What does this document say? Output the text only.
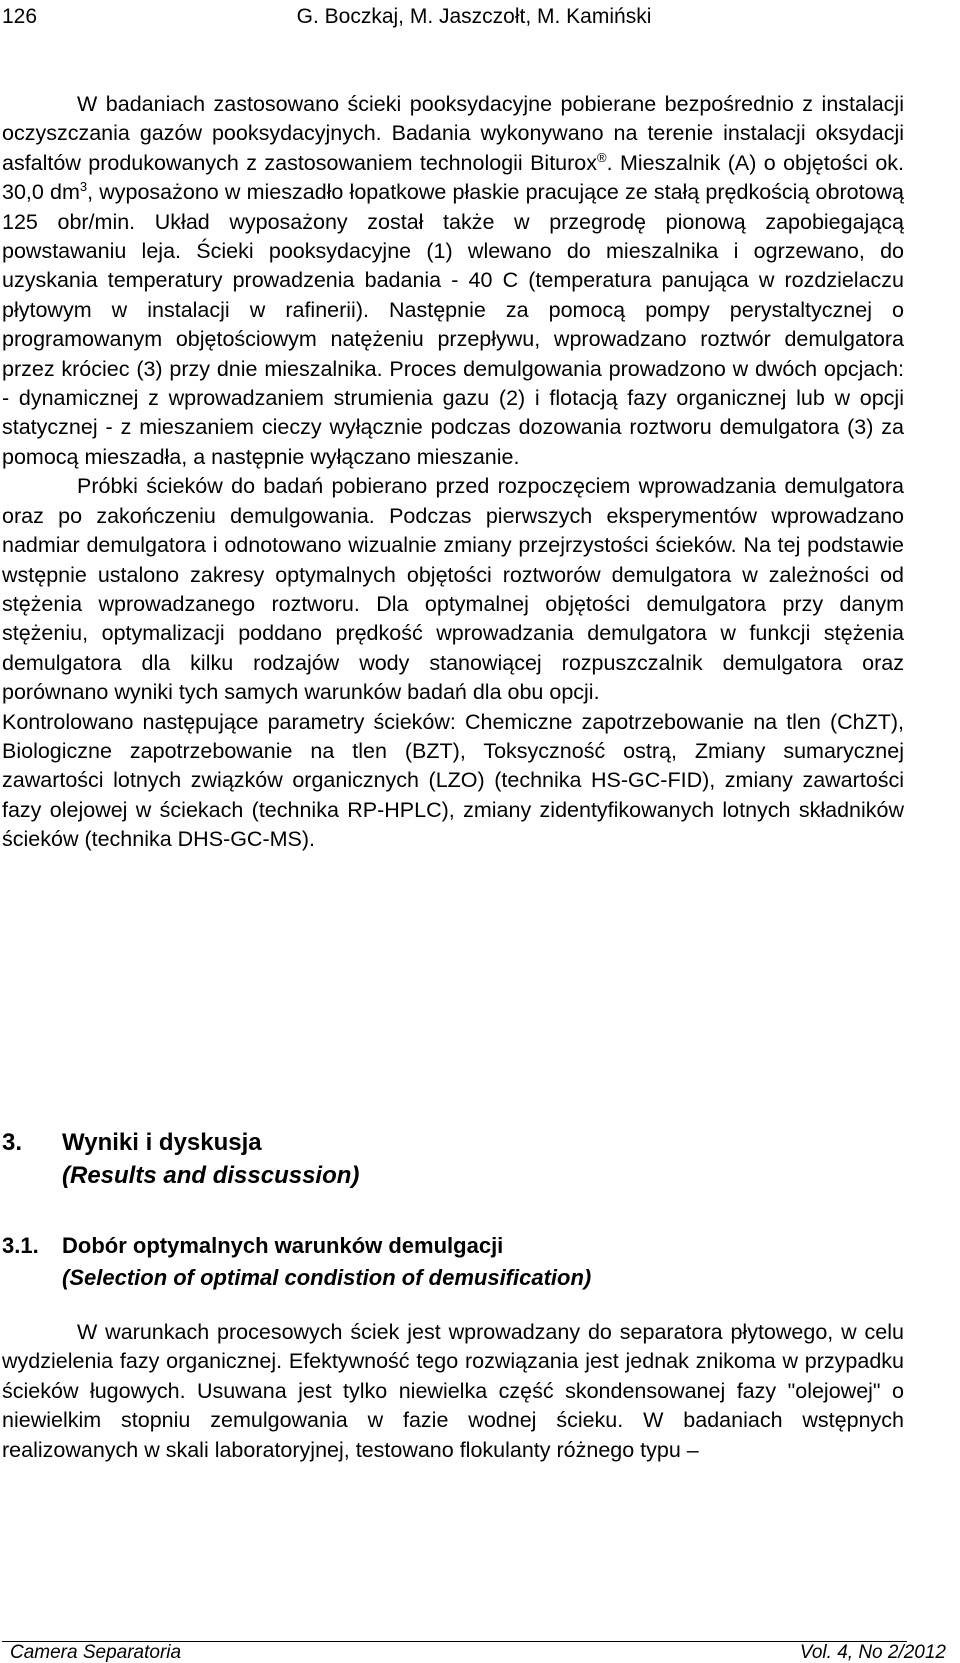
126	G. Boczkaj, M. Jaszczołt, M. Kamiński

W badaniach zastosowano ścieki pooksydacyjne pobierane bezpośrednio z instalacji oczyszczania gazów pooksydacyjnych. Badania wykonywano na terenie instalacji oksydacji asfaltów produkowanych z zastosowaniem technologii Biturox®. Mieszalnik (A) o objętości ok. 30,0 $dm^3$, wyposażono w mieszadło łopatkowe płaskie pracujące ze stałą prędkością obrotową 125 obr/min. Układ wyposażony został także w przegrodę pionową zapobiegającą powstawaniu leja. Ścieki pooksydacyjne (1) wlewano do mieszalnika i ogrzewano, do uzyskania temperatury prowadzenia badania - 40 C (temperatura panująca w rozdzielaczu płytowym w instalacji w rafinerii). Następnie za pomocą pompy perystaltycznej o programowanym objętościowym natężeniu przepływu, wprowadzano roztwór demulgatora przez króciec (3) przy dnie mieszalnika. Proces demulgowania prowadzono w dwóch opcjach: - dynamicznej z wprowadzaniem strumienia gazu (2) i flotacją fazy organicznej lub w opcji statycznej - z mieszaniem cieczy wyłącznie podczas dozowania roztworu demulgatora (3) za pomocą mieszadła, a następnie wyłączano mieszanie.

Próbki ścieków do badań pobierano przed rozpoczęciem wprowadzania demulgatora oraz po zakończeniu demulgowania. Podczas pierwszych eksperymentów wprowadzano nadmiar demulgatora i odnotowano wizualnie zmiany przejrzystości ścieków. Na tej podstawie wstępnie ustalono zakresy optymalnych objętości roztworów demulgatora w zależności od stężenia wprowadzanego roztworu. Dla optymalnej objętości demulgatora przy danym stężeniu, optymalizacji poddano prędkość wprowadzania demulgatora w funkcji stężenia demulgatora dla kilku rodzajów wody stanowiącej rozpuszczalnik demulgatora oraz porównano wyniki tych samych warunków badań dla obu opcji.

Kontrolowano następujące parametry ścieków: Chemiczne zapotrzebowanie na tlen (ChZT), Biologiczne zapotrzebowanie na tlen (BZT), Toksyczność ostrą, Zmiany sumarycznej zawartości lotnych związków organicznych (LZO) (technika HS-GC-FID), zmiany zawartości fazy olejowej w ściekach (technika RP-HPLC), zmiany zidentyfikowanych lotnych składników ścieków (technika DHS-GC-MS).

3.	Wyniki i dyskusja
(Results and disscussion)
3.1.	Dobór optymalnych warunków demulgacji
(Selection of optimal condistion of demusification)

W warunkach procesowych ściek jest wprowadzany do separatora płytowego, w celu wydzielenia fazy organicznej. Efektywność tego rozwiązania jest jednak znikoma w przypadku ścieków ługowych. Usuwana jest tylko niewielka część skondensowanej fazy "olejowej" o niewielkim stopniu zemulgowania w fazie wodnej ścieku. W badaniach wstępnych realizowanych w skali laboratoryjnej, testowano flokulanty różnego typu –

Camera Separatoria	Vol. 4, No 2/2012
